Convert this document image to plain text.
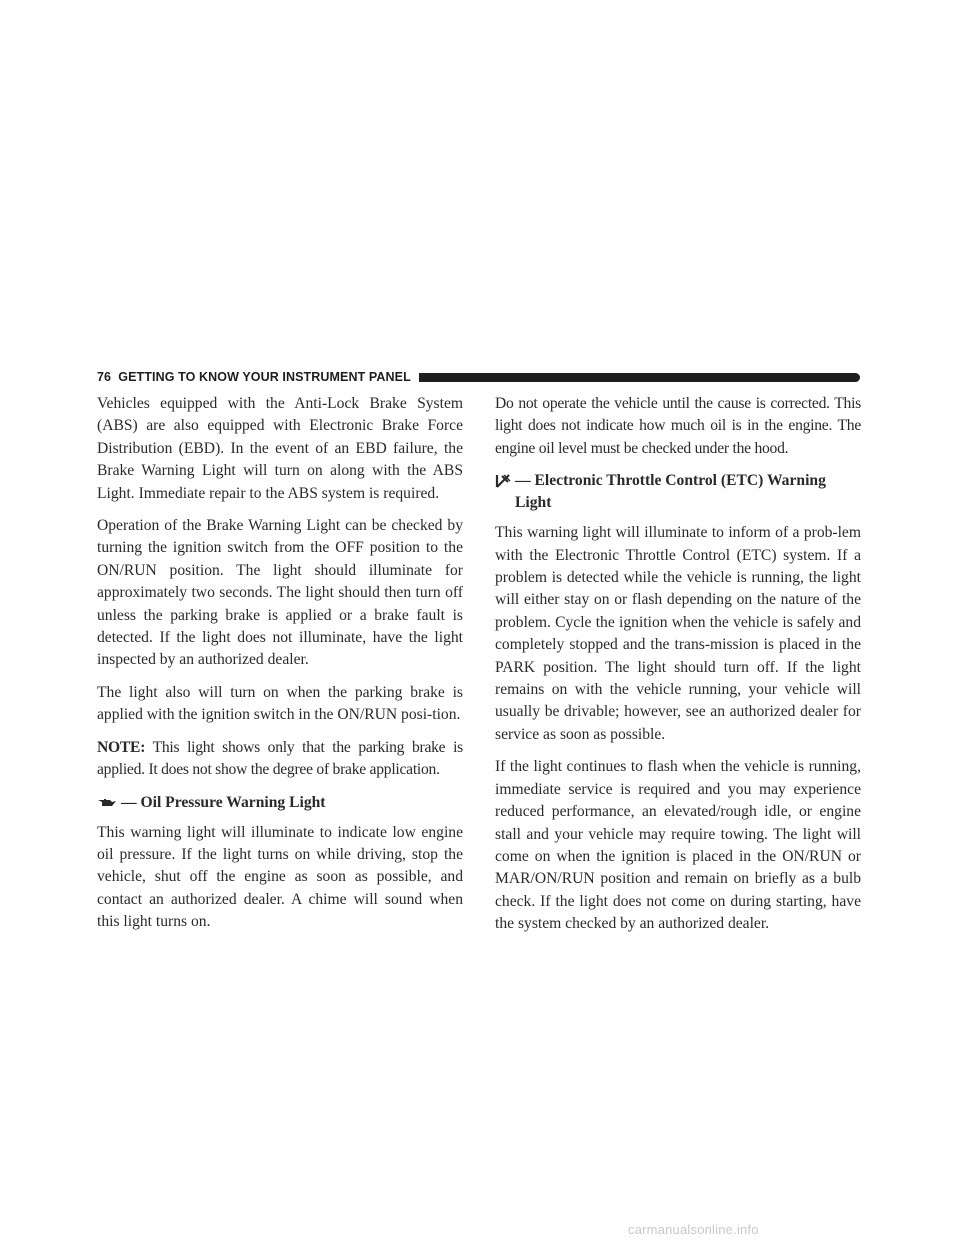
76 GETTING TO KNOW YOUR INSTRUMENT PANEL

Vehicles equipped with the Anti-Lock Brake System (ABS) are also equipped with Electronic Brake Force Distribution (EBD). In the event of an EBD failure, the Brake Warning Light will turn on along with the ABS Light. Immediate repair to the ABS system is required.

Operation of the Brake Warning Light can be checked by turning the ignition switch from the OFF position to the ON/RUN position. The light should illuminate for approximately two seconds. The light should then turn off unless the parking brake is applied or a brake fault is detected. If the light does not illuminate, have the light inspected by an authorized dealer.

The light also will turn on when the parking brake is applied with the ignition switch in the ON/RUN posi-tion.

NOTE: This light shows only that the parking brake is applied. It does not show the degree of brake application.

— Oil Pressure Warning Light

This warning light will illuminate to indicate low engine oil pressure. If the light turns on while driving, stop the vehicle, shut off the engine as soon as possible, and contact an authorized dealer. A chime will sound when this light turns on.

Do not operate the vehicle until the cause is corrected. This light does not indicate how much oil is in the engine. The engine oil level must be checked under the hood.

— Electronic Throttle Control (ETC) Warning Light

This warning light will illuminate to inform of a prob-lem with the Electronic Throttle Control (ETC) system. If a problem is detected while the vehicle is running, the light will either stay on or flash depending on the nature of the problem. Cycle the ignition when the vehicle is safely and completely stopped and the trans-mission is placed in the PARK position. The light should turn off. If the light remains on with the vehicle running, your vehicle will usually be drivable; however, see an authorized dealer for service as soon as possible.

If the light continues to flash when the vehicle is running, immediate service is required and you may experience reduced performance, an elevated/rough idle, or engine stall and your vehicle may require towing. The light will come on when the ignition is placed in the ON/RUN or MAR/ON/RUN position and remain on briefly as a bulb check. If the light does not come on during starting, have the system checked by an authorized dealer.

carmanualsonline.info
